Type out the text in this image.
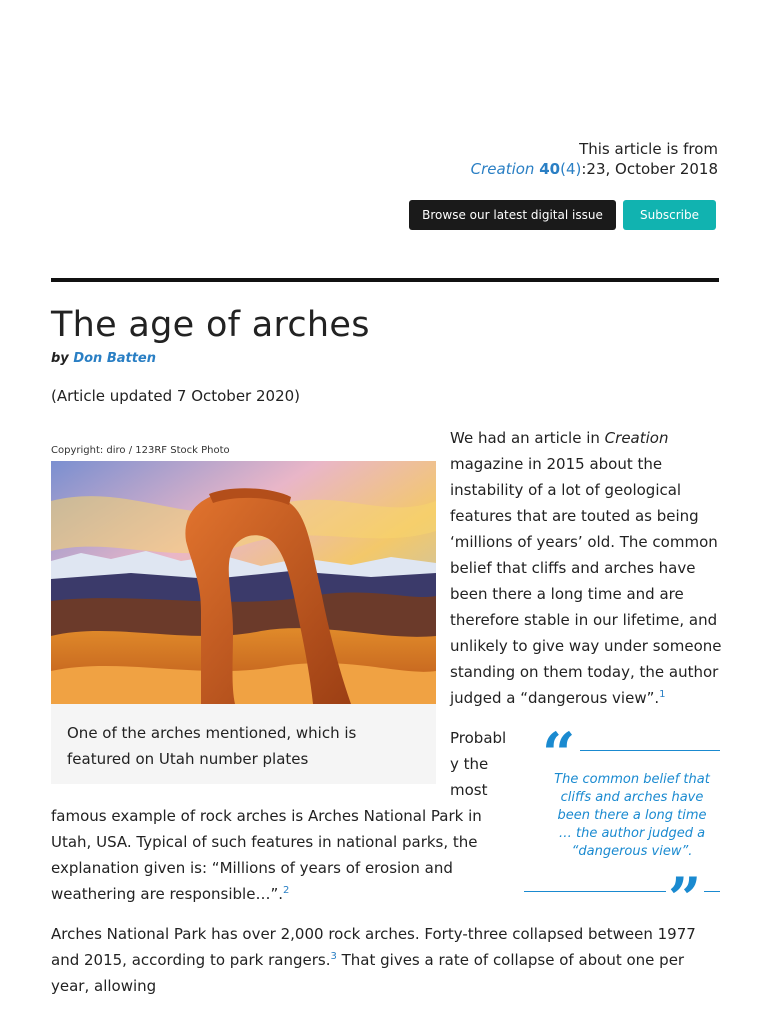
This article is from
Creation 40(4):23, October 2018
Browse our latest digital issue	Subscribe
The age of arches
by Don Batten
(Article updated 7 October 2020)
Copyright: diro / 123RF Stock Photo
One of the arches mentioned, which is featured on Utah number plates

We had an article in Creation magazine in 2015 about the instability of a lot of geological features that are touted as being ‘millions of years’ old. The common belief that cliffs and arches have been there a long time and are therefore stable in our lifetime, and unlikely to give way under someone standing on them today, the author judged a “dangerous view”.$^1$

Probabl y the most

famous example of rock arches is Arches National Park in Utah, USA. Typical of such features in national parks, the explanation given is: “Millions of years of erosion and weathering are responsible…”.$^2$

“
The common belief that cliffs and arches have been there a long time … the author judged a “dangerous view”.
”

Arches National Park has over 2,000 rock arches. Forty-three collapsed between 1977 and 2015, according to park rangers.$^3$ That gives a rate of collapse of about one per year, allowing
